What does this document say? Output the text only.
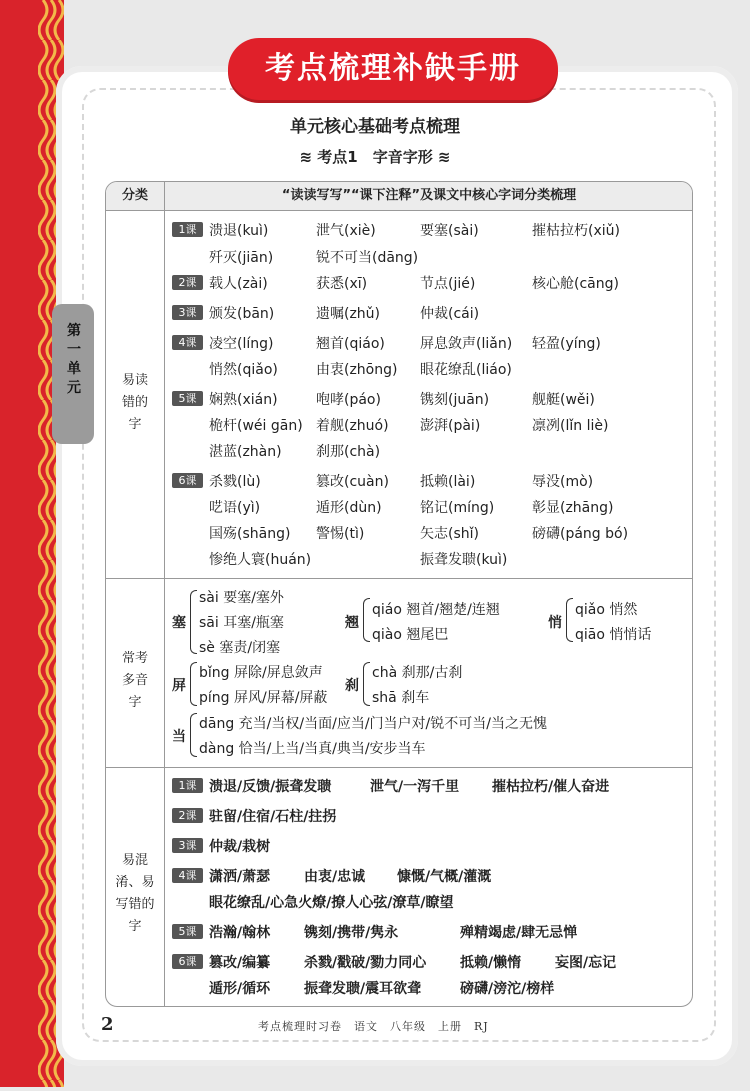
考点梳理补缺手册
单元核心基础考点梳理
≋ 考点1　字音字形 ≋
第一单元
分类	“读读写写”“课下注释”及课文中核心字词分类梳理
易读错的字
常考多音字
易混淆、易写错的字
1课 溃退(kuì)	泄气(xiè)	要塞(sài)	摧枯拉朽(xiǔ)
歼灭(jiān)	锐不可当(dāng)
2课 载人(zài)	获悉(xī)	节点(jié)	核心舱(cāng)
3课 颁发(bān)	遗嘱(zhǔ)	仲裁(cái)
4课 凌空(líng)	翘首(qiáo)	屏息敛声(liǎn) 轻盈(yíng)
悄然(qiǎo)	由衷(zhōng) 眼花缭乱(liáo)
5课 娴熟(xián)	咆哮(páo)	镌刻(juān)	舰艇(wěi)
桅杆(wéi gān) 着舰(zhuó) 澎湃(pài)	凛冽(lǐn liè)
湛蓝(zhàn) 刹那(chà)
6课 杀戮(lù)	篡改(cuàn) 抵赖(lài)	辱没(mò)
呓语(yì)	遁形(dùn)	铭记(míng)	彰显(zhāng)
国殇(shāng) 警惕(tì)	矢志(shǐ)	磅礴(páng bó)
惨绝人寰(huán)	振聋发聩(kuì)
塞
sài 要塞/塞外
sāi 耳塞/瓶塞
sè 塞责/闭塞
翘
qiáo 翘首/翘楚/连翘
qiào 翘尾巴
悄
qiǎo 悄然
qiāo 悄悄话
屏
bǐng 屏除/屏息敛声
píng 屏风/屏幕/屏蔽
刹
chà 刹那/古刹
shā 刹车
当
dāng 充当/当权/当面/应当/门当户对/锐不可当/当之无愧
dàng 恰当/上当/当真/典当/安步当车
1课 溃退/反馈/振聋发聩	泄气/一泻千里 摧枯拉朽/催人奋进
2课 驻留/住宿/石柱/拄拐
3课 仲裁/栽树
4课 潇洒/萧瑟 由衷/忠诚 慷慨/气概/灌溉
眼花缭乱/心急火燎/撩人心弦/潦草/瞭望
5课 浩瀚/翰林 镌刻/携带/隽永	殚精竭虑/肆无忌惮
6课 篡改/编纂 杀戮/戳破/勠力同心 抵赖/懒惰 妄图/忘记
遁形/循环 振聋发聩/震耳欲聋	磅礴/滂沱/榜样
2	考点梳理时习卷　语文　八年级　上册　RJ
